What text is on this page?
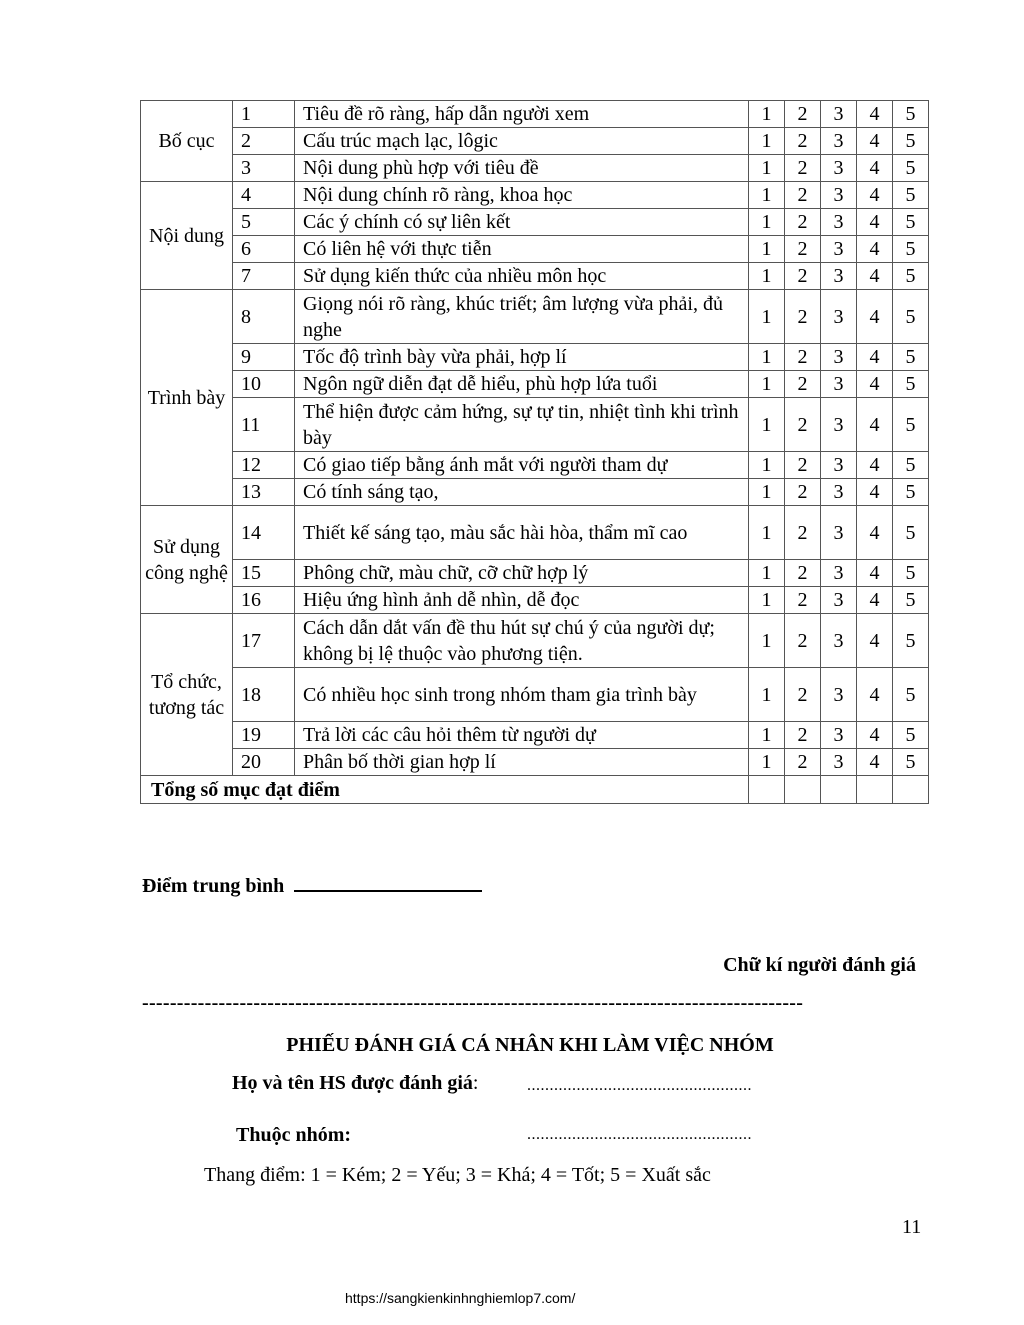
Bố cục	1	Tiêu đề rõ ràng, hấp dẫn người xem	1	2	3	4	5
	2	Cấu trúc mạch lạc, lôgic	1	2	3	4	5
	3	Nội dung phù hợp với tiêu đề	1	2	3	4	5
Nội dung	4	Nội dung chính rõ ràng, khoa học	1	2	3	4	5
	5	Các ý chính có sự liên kết	1	2	3	4	5
	6	Có liên hệ với thực tiễn	1	2	3	4	5
	7	Sử dụng kiến thức của nhiều môn học	1	2	3	4	5
Trình bày	8	Giọng nói rõ ràng, khúc triết; âm lượng vừa phải, đủ nghe	1	2	3	4	5
	9	Tốc độ trình bày vừa phải, hợp lí	1	2	3	4	5
	10	Ngôn ngữ diễn đạt dễ hiểu, phù hợp lứa tuổi	1	2	3	4	5
	11	Thể hiện được cảm hứng, sự tự tin, nhiệt tình khi trình bày	1	2	3	4	5
	12	Có giao tiếp bằng ánh mắt với người tham dự	1	2	3	4	5
	13	Có tính sáng tạo,	1	2	3	4	5
Sử dụng công nghệ	14	Thiết kế sáng tạo, màu sắc hài hòa, thẩm mĩ cao	1	2	3	4	5
	15	Phông chữ, màu chữ, cỡ chữ hợp lý	1	2	3	4	5
	16	Hiệu ứng hình ảnh dễ nhìn, dễ đọc	1	2	3	4	5
Tổ chức, tương tác	17	Cách dẫn dắt vấn đề thu hút sự chú ý của người dự; không bị lệ thuộc vào phương tiện.	1	2	3	4	5
	18	Có nhiều học sinh trong nhóm tham gia trình bày	1	2	3	4	5
	19	Trả lời các câu hỏi thêm từ người dự	1	2	3	4	5
	20	Phân bố thời gian hợp lí	1	2	3	4	5
Tổng số mục đạt điểm							
Điểm trung bình
Chữ kí người đánh giá
-----------------------------------------------------------------------------------------------
PHIẾU ĐÁNH GIÁ CÁ NHÂN KHI LÀM VIỆC NHÓM
Họ và tên HS được đánh giá:	..................................................
Thuộc nhóm:	..................................................
Thang điểm: 1 = Kém; 2 = Yếu; 3 = Khá; 4 = Tốt; 5 = Xuất sắc
11
https://sangkienkinhnghiemlop7.com/
